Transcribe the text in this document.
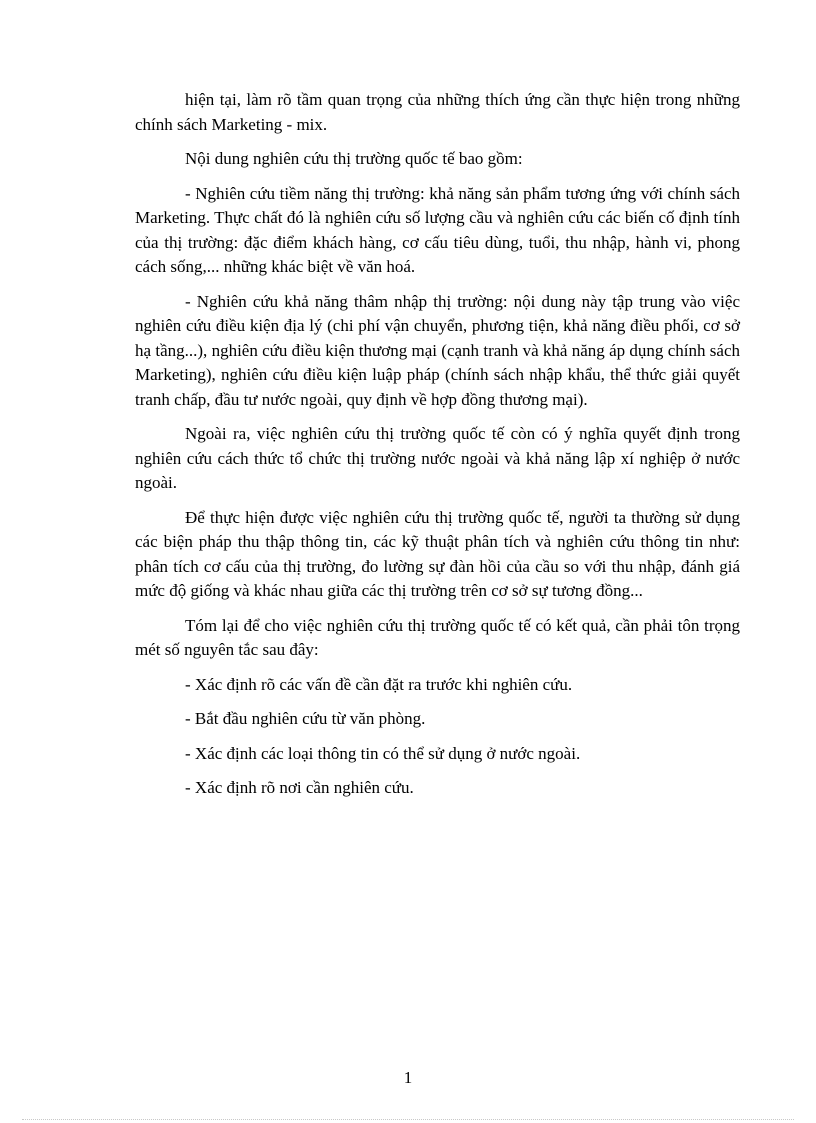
hiện tại, làm rõ tầm quan trọng của những thích ứng cần thực hiện trong những chính sách Marketing - mix.

Nội dung nghiên cứu thị trường quốc tế bao gồm:

- Nghiên cứu tiềm năng thị trường: khả năng sản phẩm tương ứng với chính sách Marketing. Thực chất đó là nghiên cứu số lượng cầu và nghiên cứu các biến cố định tính của thị trường: đặc điểm khách hàng, cơ cấu tiêu dùng, tuổi, thu nhập, hành vi, phong cách sống,... những khác biệt về văn hoá.

- Nghiên cứu khả năng thâm nhập thị trường: nội dung này tập trung vào việc nghiên cứu điều kiện địa lý (chi phí vận chuyển, phương tiện, khả năng điều phối, cơ sở hạ tầng...), nghiên cứu điều kiện thương mại (cạnh tranh và khả năng áp dụng chính sách Marketing), nghiên cứu điều kiện luập pháp (chính sách nhập khẩu, thể thức giải quyết tranh chấp, đầu tư nước ngoài, quy định về hợp đồng thương mại).

Ngoài ra, việc nghiên cứu thị trường quốc tế còn có ý nghĩa quyết định trong nghiên cứu cách thức tổ chức thị trường nước ngoài và khả năng lập xí nghiệp ở nước ngoài.

Để thực hiện được việc nghiên cứu thị trường quốc tế, người ta thường sử dụng các biện pháp thu thập thông tin, các kỹ thuật phân tích và nghiên cứu thông tin như: phân tích cơ cấu của thị trường, đo lường sự đàn hồi của cầu so với thu nhập, đánh giá mức độ giống và khác nhau giữa các thị trường trên cơ sở sự tương đồng...

Tóm lại để cho việc nghiên cứu thị trường quốc tế có kết quả, cần phải tôn trọng mét số nguyên tắc sau đây:

- Xác định rõ các vấn đề cần đặt ra trước khi nghiên cứu.

- Bắt đầu nghiên cứu từ văn phòng.

- Xác định các loại thông tin có thể sử dụng ở nước ngoài.

- Xác định rõ nơi cần nghiên cứu.

1
